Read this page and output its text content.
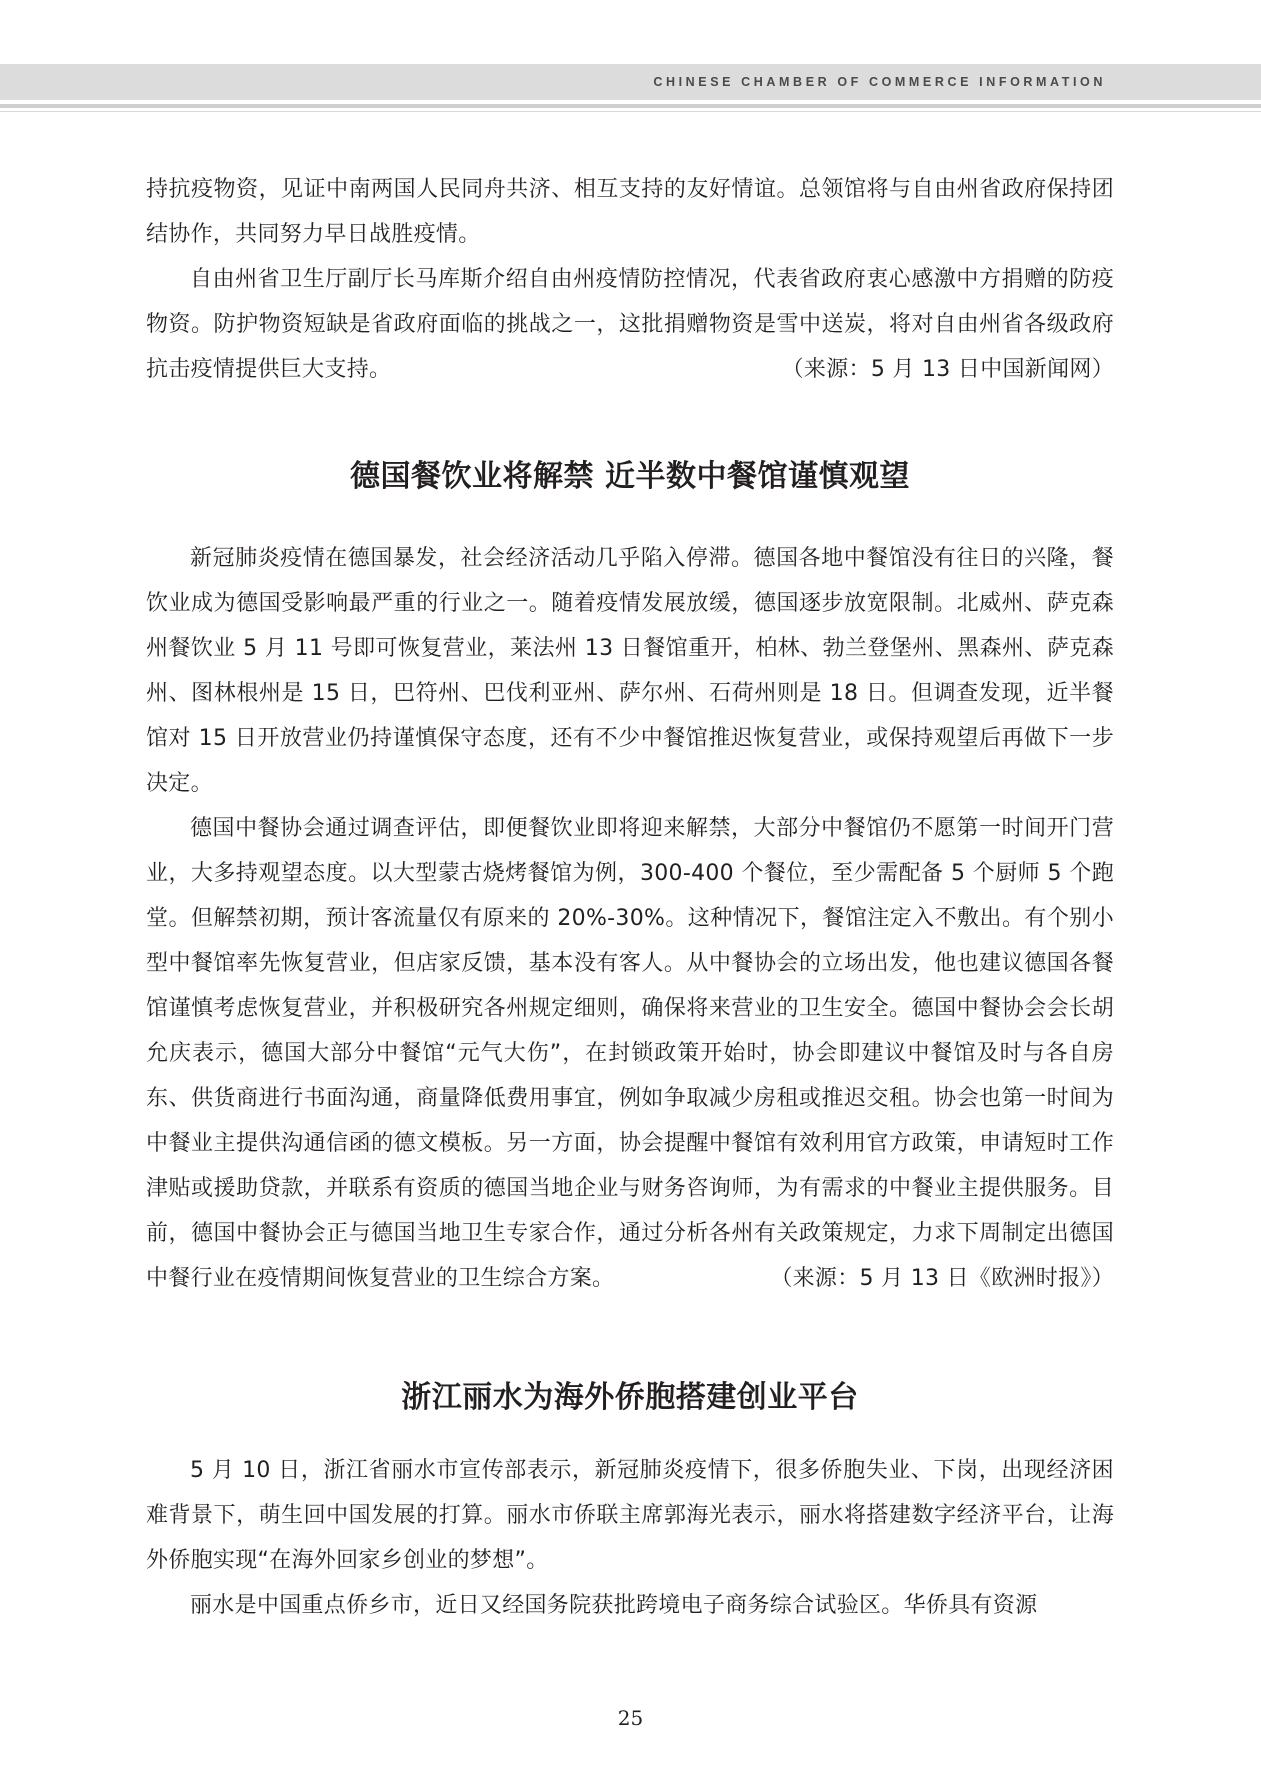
CHINESE CHAMBER OF COMMERCE INFORMATION

持抗疫物资，见证中南两国人民同舟共济、相互支持的友好情谊。总领馆将与自由州省政府保持团结协作，共同努力早日战胜疫情。

自由州省卫生厅副厅长马库斯介绍自由州疫情防控情况，代表省政府衷心感激中方捐赠的防疫物资。防护物资短缺是省政府面临的挑战之一，这批捐赠物资是雪中送炭，将对自由州省各级政府抗击疫情提供巨大支持。	（来源：5 月 13 日中国新闻网）

德国餐饮业将解禁 近半数中餐馆谨慎观望

新冠肺炎疫情在德国暴发，社会经济活动几乎陷入停滞。德国各地中餐馆没有往日的兴隆，餐饮业成为德国受影响最严重的行业之一。随着疫情发展放缓，德国逐步放宽限制。北威州、萨克森州餐饮业 5 月 11 号即可恢复营业，莱法州 13 日餐馆重开，柏林、勃兰登堡州、黑森州、萨克森州、图林根州是 15 日，巴符州、巴伐利亚州、萨尔州、石荷州则是 18 日。但调查发现，近半餐馆对 15 日开放营业仍持谨慎保守态度，还有不少中餐馆推迟恢复营业，或保持观望后再做下一步决定。

德国中餐协会通过调查评估，即便餐饮业即将迎来解禁，大部分中餐馆仍不愿第一时间开门营业，大多持观望态度。以大型蒙古烧烤餐馆为例，300-400 个餐位，至少需配备 5 个厨师 5 个跑堂。但解禁初期，预计客流量仅有原来的 20%-30%。这种情况下，餐馆注定入不敷出。有个别小型中餐馆率先恢复营业，但店家反馈，基本没有客人。从中餐协会的立场出发，他也建议德国各餐馆谨慎考虑恢复营业，并积极研究各州规定细则，确保将来营业的卫生安全。德国中餐协会会长胡允庆表示，德国大部分中餐馆“元气大伤”，在封锁政策开始时，协会即建议中餐馆及时与各自房东、供货商进行书面沟通，商量降低费用事宜，例如争取减少房租或推迟交租。协会也第一时间为中餐业主提供沟通信函的德文模板。另一方面，协会提醒中餐馆有效利用官方政策，申请短时工作津贴或援助贷款，并联系有资质的德国当地企业与财务咨询师，为有需求的中餐业主提供服务。目前，德国中餐协会正与德国当地卫生专家合作，通过分析各州有关政策规定，力求下周制定出德国中餐行业在疫情期间恢复营业的卫生综合方案。	（来源：5 月 13 日《欧洲时报》）

浙江丽水为海外侨胞搭建创业平台

5 月 10 日，浙江省丽水市宣传部表示，新冠肺炎疫情下，很多侨胞失业、下岗，出现经济困难背景下，萌生回中国发展的打算。丽水市侨联主席郭海光表示，丽水将搭建数字经济平台，让海外侨胞实现“在海外回家乡创业的梦想”。

丽水是中国重点侨乡市，近日又经国务院获批跨境电子商务综合试验区。华侨具有资源

25
